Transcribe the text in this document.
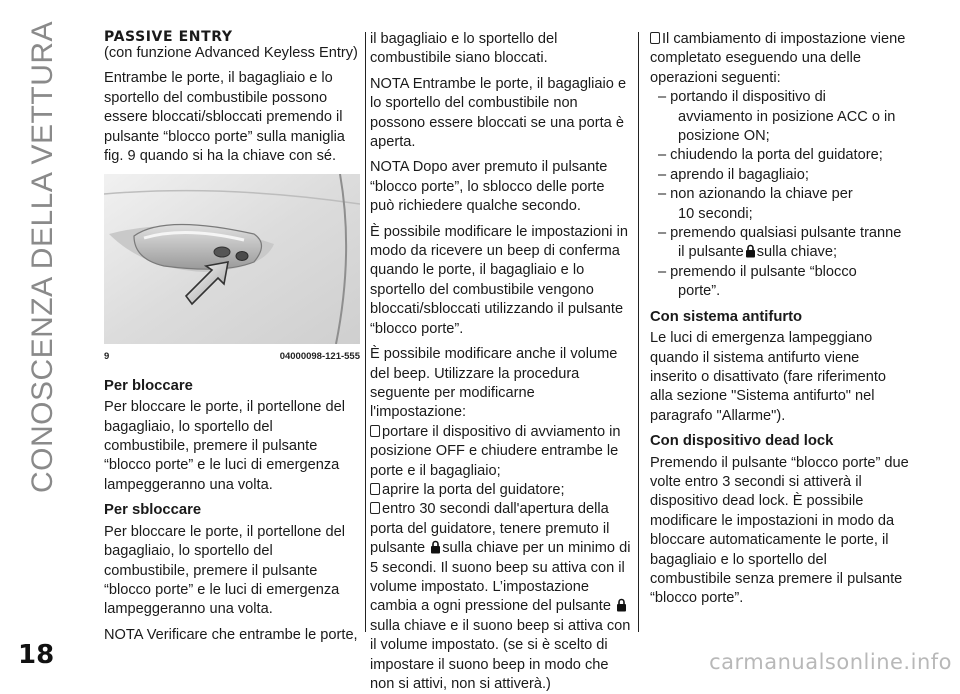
CONOSCENZA DELLA VETTURA	PASSIVE ENTRY
(con funzione Advanced Keyless Entry)

Entrambe le porte, il bagagliaio e lo sportello del combustibile possono essere bloccati/sbloccati premendo il pulsante “blocco porte” sulla maniglia fig. 9 quando si ha la chiave con sé.

9	04000098-121-555
Per bloccare

Per bloccare le porte, il portellone del bagagliaio, lo sportello del combustibile, premere il pulsante “blocco porte” e le luci di emergenza lampeggeranno una volta.

Per sbloccare

Per bloccare le porte, il portellone del bagagliaio, lo sportello del combustibile, premere il pulsante “blocco porte” e le luci di emergenza lampeggeranno una volta.

NOTA Verificare che entrambe le porte,

il bagagliaio e lo sportello del combustibile siano bloccati.

NOTA Entrambe le porte, il bagagliaio e lo sportello del combustibile non possono essere bloccati se una porta è aperta.

NOTA Dopo aver premuto il pulsante “blocco porte”, lo sblocco delle porte può richiedere qualche secondo.

È possibile modificare le impostazioni in modo da ricevere un beep di conferma quando le porte, il bagagliaio e lo sportello del combustibile vengono bloccati/sbloccati utilizzando il pulsante “blocco porte”.

È possibile modificare anche il volume del beep. Utilizzare la procedura seguente per modificarne l'impostazione:

portare il dispositivo di avviamento in posizione OFF e chiudere entrambe le porte e il bagagliaio;
aprire la porta del guidatore;
entro 30 secondi dall'apertura della porta del guidatore, tenere premuto il pulsante sulla chiave per un minimo di 5 secondi. Il suono beep su attiva con il volume impostato. L’impostazione cambia a ogni pressione del pulsante sulla chiave e il suono beep si attiva con il volume impostato. (se si è scelto di impostare il suono beep in modo che non si attivi, non si attiverà.)
Il cambiamento di impostazione viene completato eseguendo una delle operazioni seguenti:
– portando il dispositivo di
avviamento in posizione ACC o in posizione ON;
– chiudendo la porta del guidatore;
– aprendo il bagagliaio;
– non azionando la chiave per
10 secondi;
– premendo qualsiasi pulsante tranne
il pulsante sulla chiave;
– premendo il pulsante “blocco
porte”.
Con sistema antifurto

Le luci di emergenza lampeggiano quando il sistema antifurto viene inserito o disattivato (fare riferimento alla sezione "Sistema antifurto" nel paragrafo "Allarme").

Con dispositivo dead lock

Premendo il pulsante “blocco porte” due volte entro 3 secondi si attiverà il dispositivo dead lock. È possibile modificare le impostazioni in modo da bloccare automaticamente le porte, il bagagliaio e lo sportello del combustibile senza premere il pulsante “blocco porte”.

18	carmanualsonline.info
